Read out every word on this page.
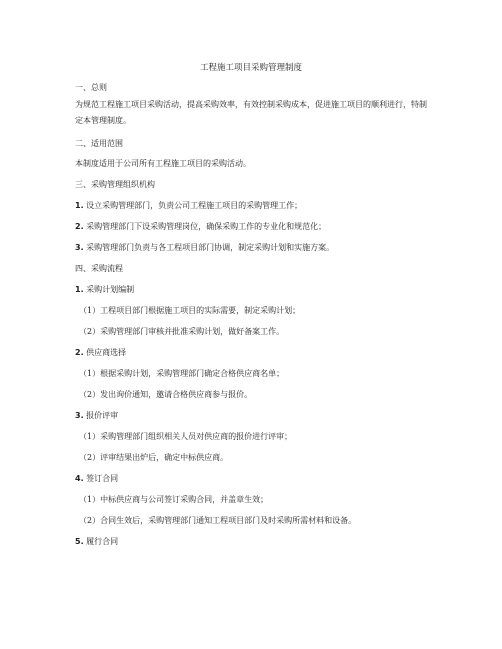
工程施工项目采购管理制度
一、总则
为规范工程施工项目采购活动，提高采购效率，有效控制采购成本，促进施工项目的顺利进行，特制定本管理制度。
二、适用范围
本制度适用于公司所有工程施工项目的采购活动。
三、采购管理组织机构
1. 设立采购管理部门，负责公司工程施工项目的采购管理工作；
2. 采购管理部门下设采购管理岗位，确保采购工作的专业化和规范化；
3. 采购管理部门负责与各工程项目部门协调，制定采购计划和实施方案。
四、采购流程
1. 采购计划编制
（1）工程项目部门根据施工项目的实际需要，制定采购计划；
（2）采购管理部门审核并批准采购计划，做好备案工作。
2. 供应商选择
（1）根据采购计划，采购管理部门确定合格供应商名单；
（2）发出询价通知，邀请合格供应商参与报价。
3. 报价评审
（1）采购管理部门组织相关人员对供应商的报价进行评审；
（2）评审结果出炉后，确定中标供应商。
4. 签订合同
（1）中标供应商与公司签订采购合同，并盖章生效；
（2）合同生效后，采购管理部门通知工程项目部门及时采购所需材料和设备。
5. 履行合同
